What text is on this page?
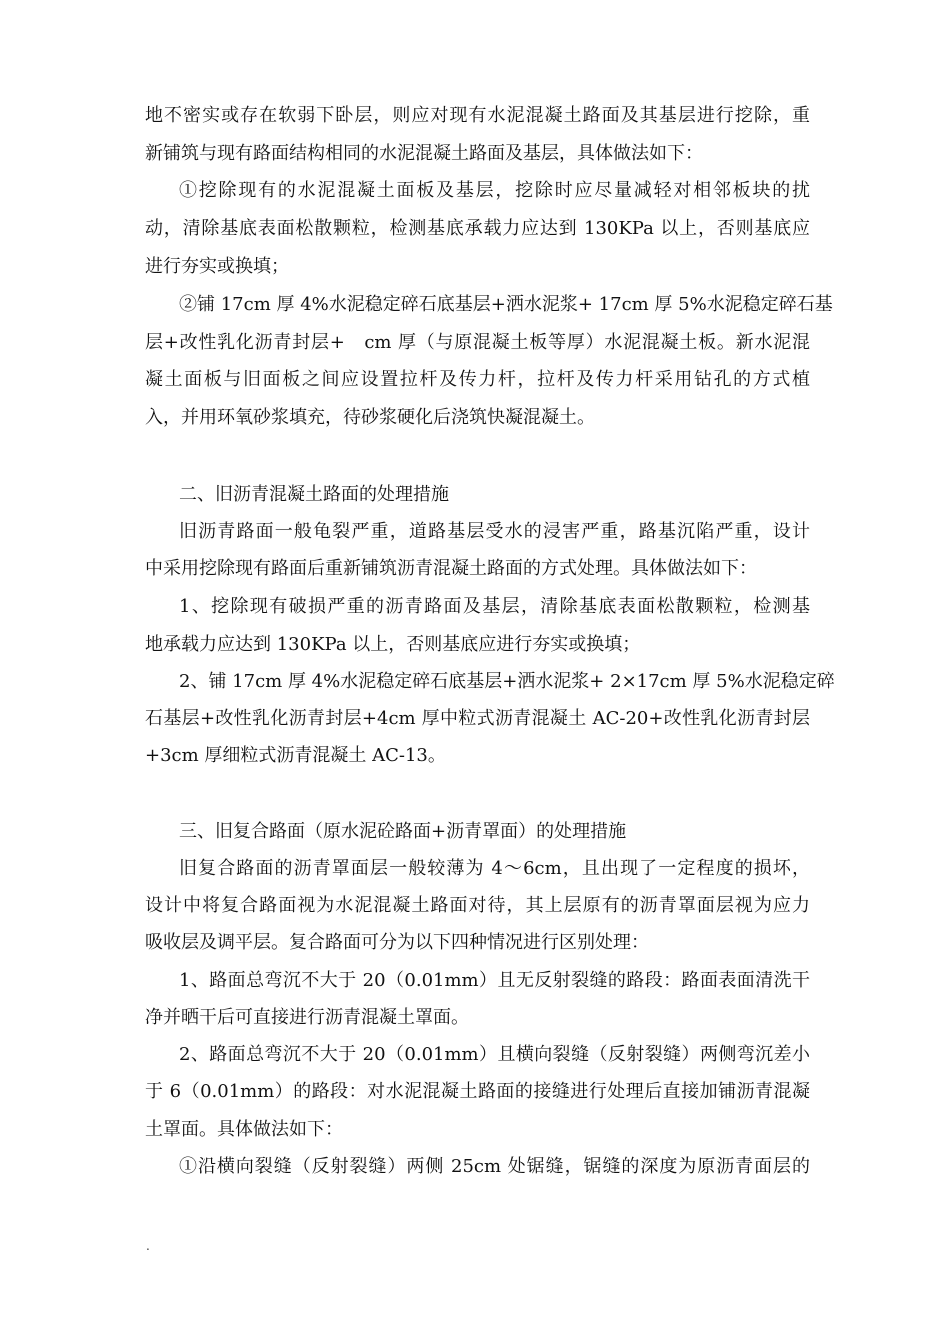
地不密实或存在软弱下卧层，则应对现有水泥混凝土路面及其基层进行挖除，重
新铺筑与现有路面结构相同的水泥混凝土路面及基层，具体做法如下：
①挖除现有的水泥混凝土面板及基层，挖除时应尽量减轻对相邻板块的扰
动，清除基底表面松散颗粒，检测基底承载力应达到 130KPa 以上，否则基底应
进行夯实或换填；
②铺 17cm 厚 4%水泥稳定碎石底基层+洒水泥浆+ 17cm 厚 5%水泥稳定碎石基
层+改性乳化沥青封层+　cm 厚（与原混凝土板等厚）水泥混凝土板。新水泥混
凝土面板与旧面板之间应设置拉杆及传力杆，拉杆及传力杆采用钻孔的方式植
入，并用环氧砂浆填充，待砂浆硬化后浇筑快凝混凝土。
二、旧沥青混凝土路面的处理措施
旧沥青路面一般龟裂严重，道路基层受水的浸害严重，路基沉陷严重，设计
中采用挖除现有路面后重新铺筑沥青混凝土路面的方式处理。具体做法如下：
1、挖除现有破损严重的沥青路面及基层，清除基底表面松散颗粒，检测基
地承载力应达到 130KPa 以上，否则基底应进行夯实或换填；
2、铺 17cm 厚 4%水泥稳定碎石底基层+洒水泥浆+ 2×17cm 厚 5%水泥稳定碎
石基层+改性乳化沥青封层+4cm 厚中粒式沥青混凝土 AC-20+改性乳化沥青封层
+3cm 厚细粒式沥青混凝土 AC-13。
三、旧复合路面（原水泥砼路面+沥青罩面）的处理措施
旧复合路面的沥青罩面层一般较薄为 4～6cm，且出现了一定程度的损坏，
设计中将复合路面视为水泥混凝土路面对待，其上层原有的沥青罩面层视为应力
吸收层及调平层。复合路面可分为以下四种情况进行区别处理：
1、路面总弯沉不大于 20（0.01mm）且无反射裂缝的路段：路面表面清洗干
净并晒干后可直接进行沥青混凝土罩面。
2、路面总弯沉不大于 20（0.01mm）且横向裂缝（反射裂缝）两侧弯沉差小
于 6（0.01mm）的路段：对水泥混凝土路面的接缝进行处理后直接加铺沥青混凝
土罩面。具体做法如下：
①沿横向裂缝（反射裂缝）两侧 25cm 处锯缝，锯缝的深度为原沥青面层的
.
